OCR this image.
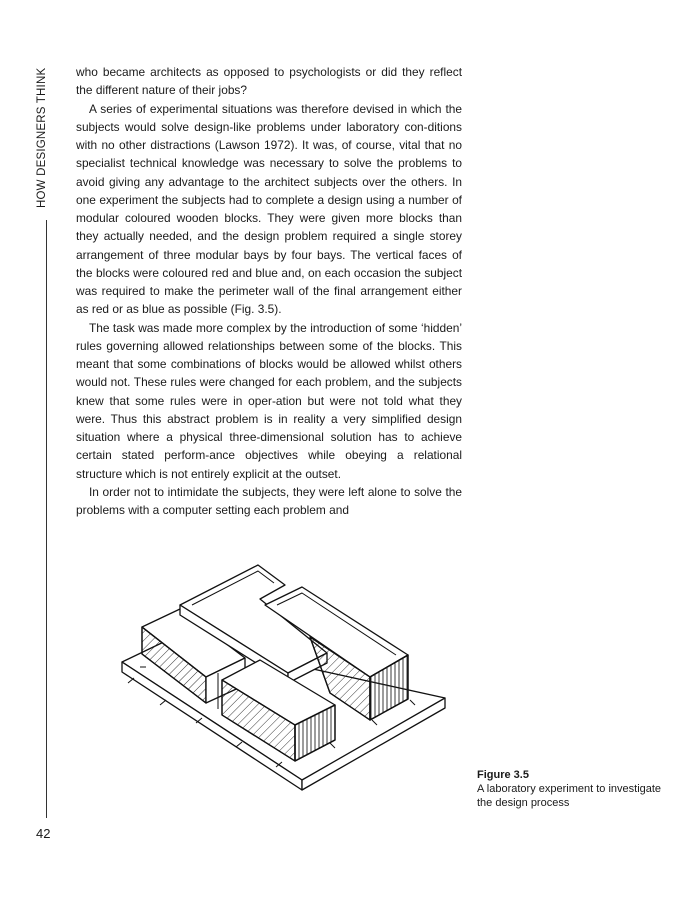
HOW DESIGNERS THINK
42

who became architects as opposed to psychologists or did they reflect the different nature of their jobs?

A series of experimental situations was therefore devised in which the subjects would solve design-like problems under laboratory con-ditions with no other distractions (Lawson 1972). It was, of course, vital that no specialist technical knowledge was necessary to solve the problems to avoid giving any advantage to the architect subjects over the others. In one experiment the subjects had to complete a design using a number of modular coloured wooden blocks. They were given more blocks than they actually needed, and the design problem required a single storey arrangement of three modular bays by four bays. The vertical faces of the blocks were coloured red and blue and, on each occasion the subject was required to make the perimeter wall of the final arrangement either as red or as blue as possible (Fig. 3.5).

The task was made more complex by the introduction of some ‘hidden’ rules governing allowed relationships between some of the blocks. This meant that some combinations of blocks would be allowed whilst others would not. These rules were changed for each problem, and the subjects knew that some rules were in oper-ation but were not told what they were. Thus this abstract problem is in reality a very simplified design situation where a physical three-dimensional solution has to achieve certain stated perform-ance objectives while obeying a relational structure which is not entirely explicit at the outset.

In order not to intimidate the subjects, they were left alone to solve the problems with a computer setting each problem and

Figure 3.5
A laboratory experiment to investigate the design process
